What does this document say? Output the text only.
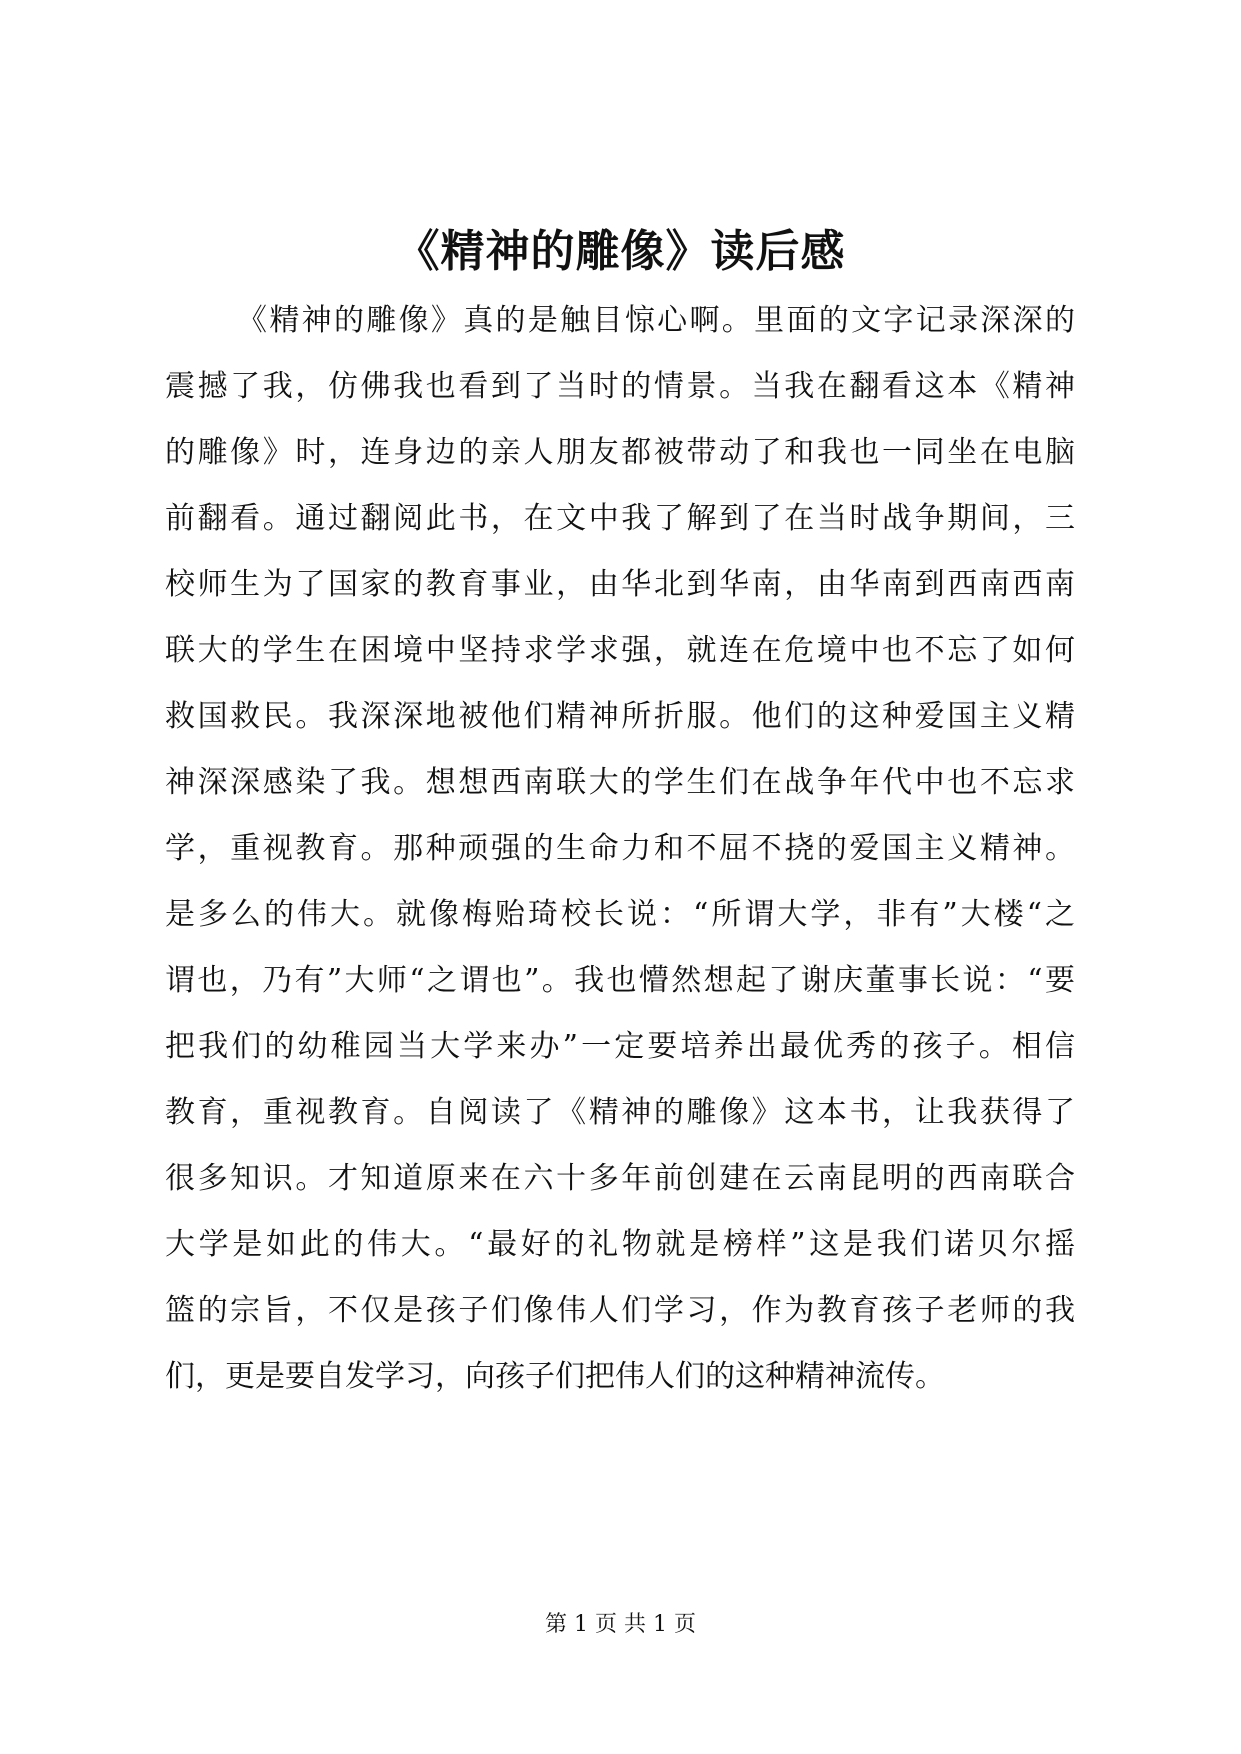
《精神的雕像》读后感
《精神的雕像》真的是触目惊心啊。里面的文字记录深深的
震撼了我，仿佛我也看到了当时的情景。当我在翻看这本《精神
的雕像》时，连身边的亲人朋友都被带动了和我也一同坐在电脑
前翻看。通过翻阅此书，在文中我了解到了在当时战争期间，三
校师生为了国家的教育事业，由华北到华南，由华南到西南西南
联大的学生在困境中坚持求学求强，就连在危境中也不忘了如何
救国救民。我深深地被他们精神所折服。他们的这种爱国主义精
神深深感染了我。想想西南联大的学生们在战争年代中也不忘求
学，重视教育。那种顽强的生命力和不屈不挠的爱国主义精神。
是多么的伟大。就像梅贻琦校长说：“所谓大学，非有”大楼“之
谓也，乃有”大师“之谓也”。我也懵然想起了谢庆董事长说：“要
把我们的幼稚园当大学来办”一定要培养出最优秀的孩子。相信
教育，重视教育。自阅读了《精神的雕像》这本书，让我获得了
很多知识。才知道原来在六十多年前创建在云南昆明的西南联合
大学是如此的伟大。“最好的礼物就是榜样”这是我们诺贝尔摇
篮的宗旨，不仅是孩子们像伟人们学习，作为教育孩子老师的我
们，更是要自发学习，向孩子们把伟人们的这种精神流传。
第 1 页 共 1 页
